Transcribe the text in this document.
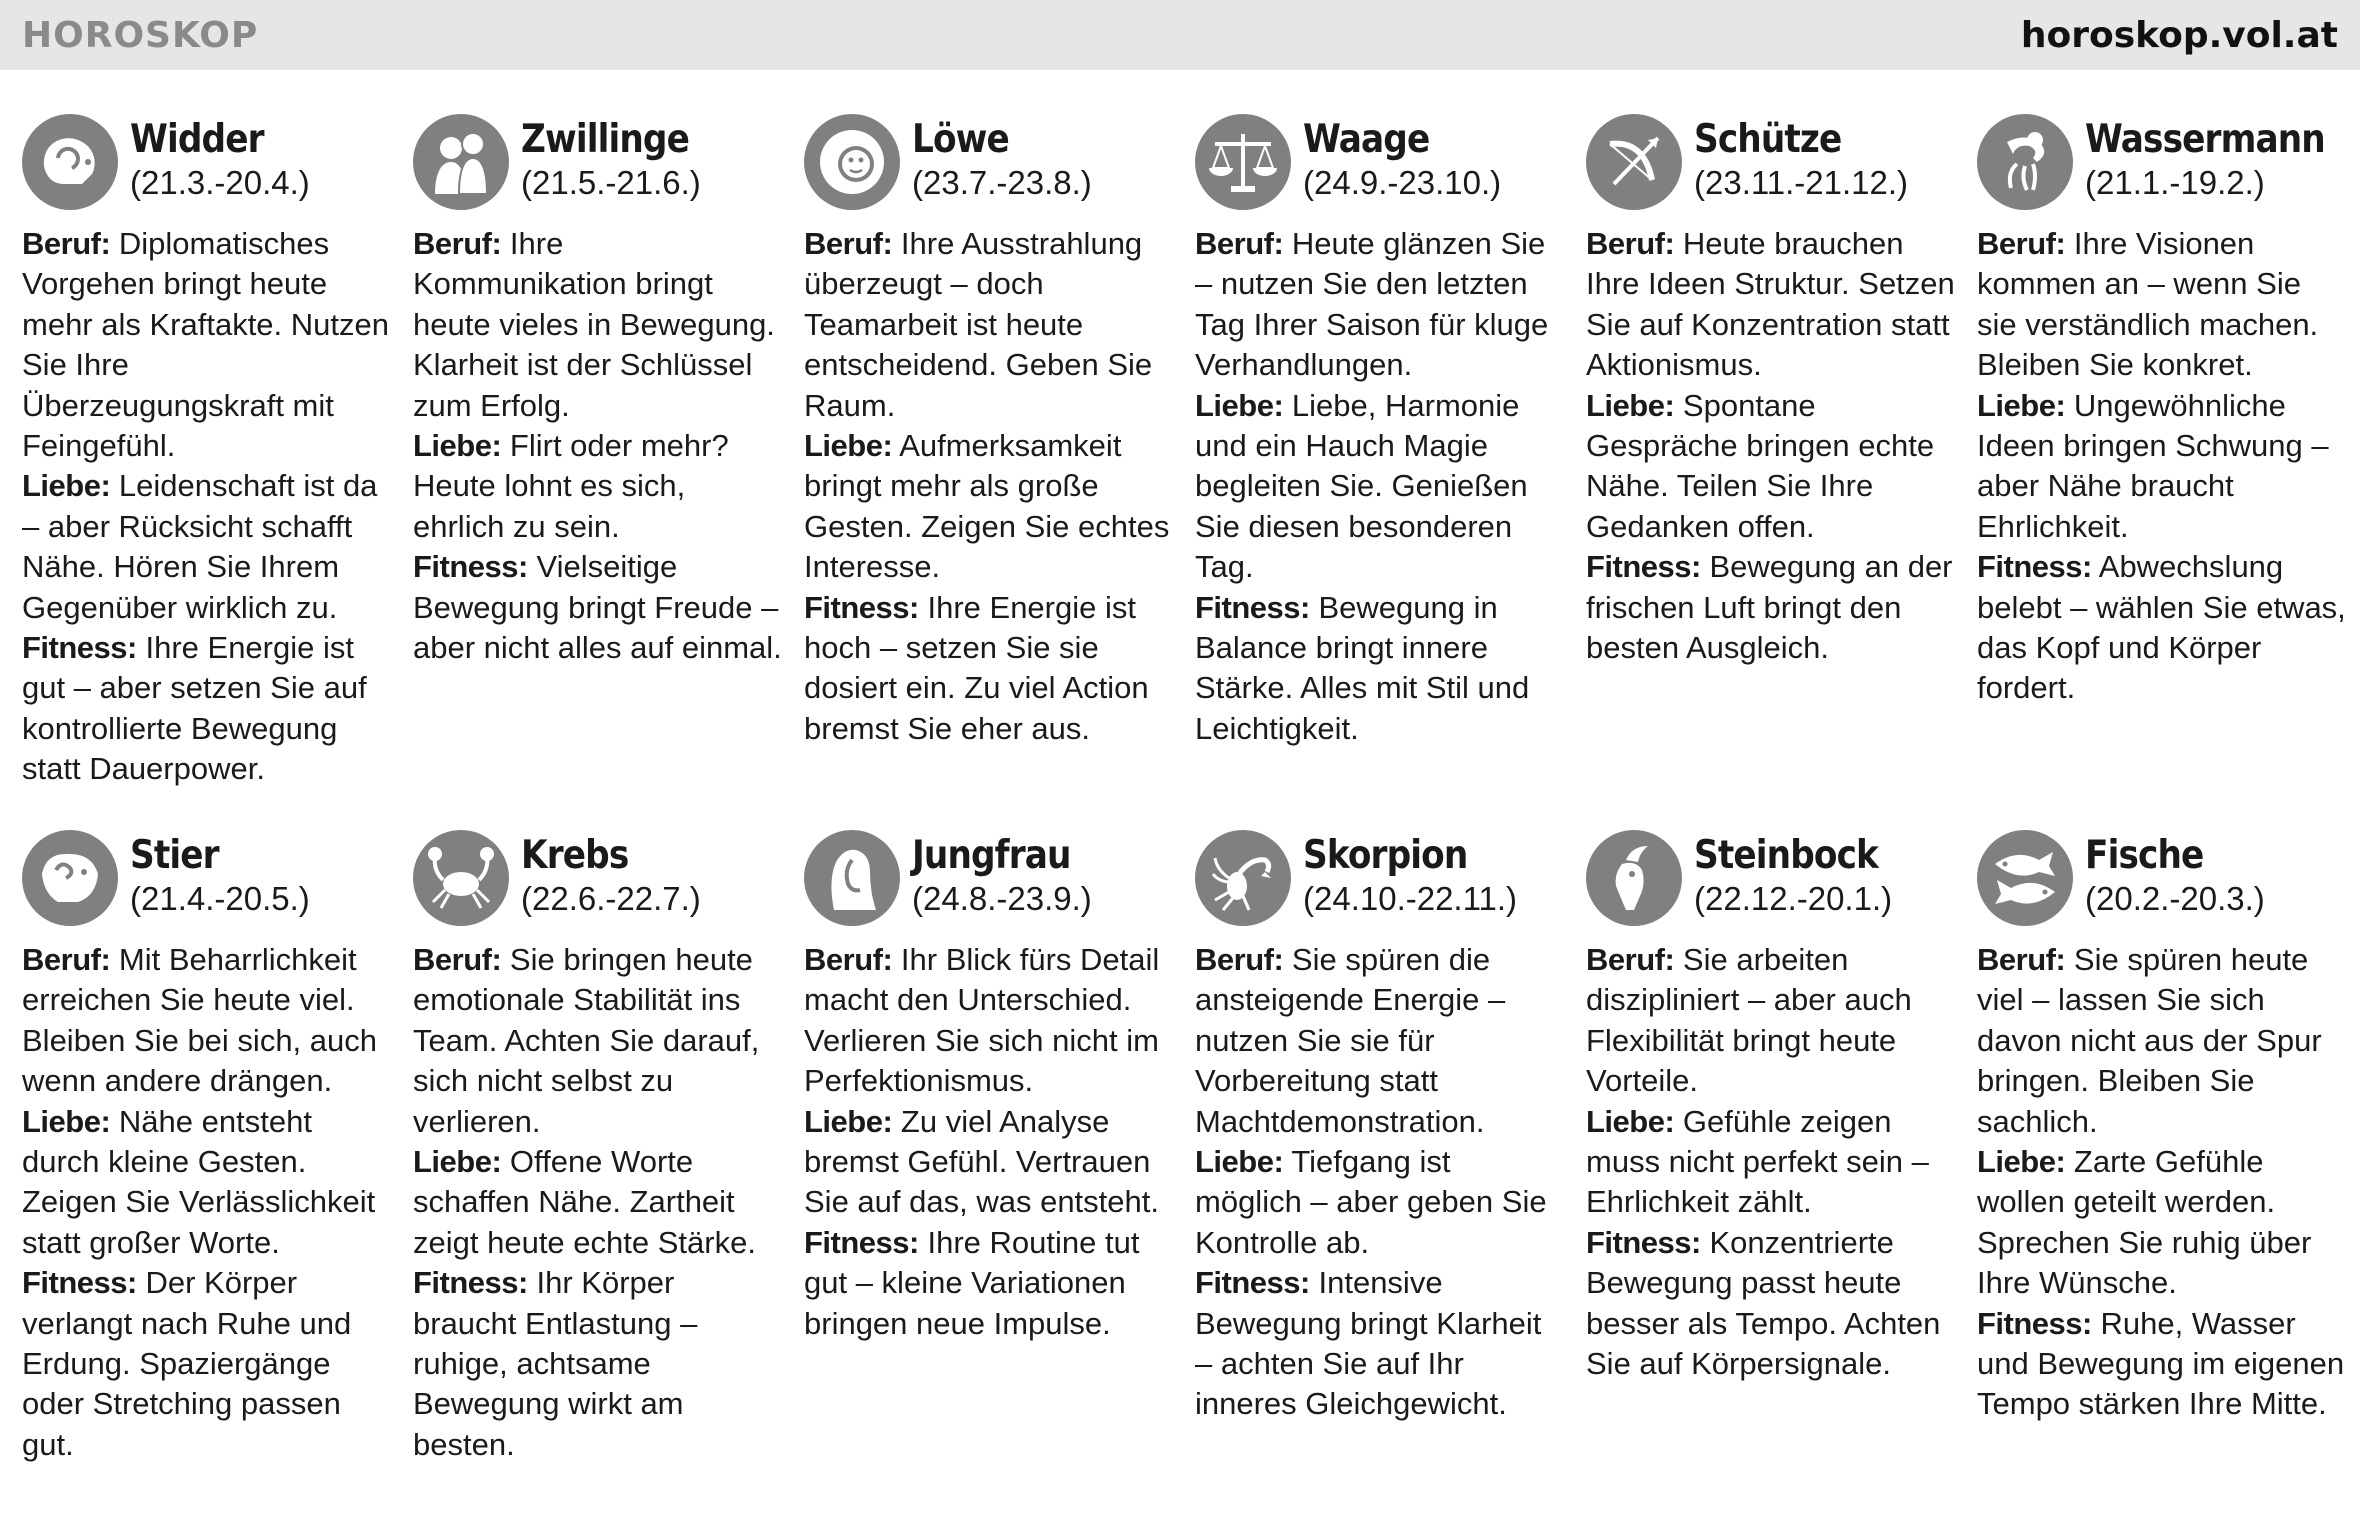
HOROSKOP	horoskop.vol.at
Widder
(21.3.-20.4.)

Beruf: Diplomatisches Vorgehen bringt heute mehr als Kraftakte. Nutzen Sie Ihre Überzeugungskraft mit Feingefühl.

Liebe: Leidenschaft ist da – aber Rücksicht schafft Nähe. Hören Sie Ihrem Gegenüber wirklich zu.

Fitness: Ihre Energie ist gut – aber setzen Sie auf kontrollierte Bewegung statt Dauerpower.

Zwillinge
(21.5.-21.6.)

Beruf: Ihre Kommunikation bringt heute vieles in Bewegung. Klarheit ist der Schlüssel zum Erfolg.

Liebe: Flirt oder mehr? Heute lohnt es sich, ehrlich zu sein.

Fitness: Vielseitige Bewegung bringt Freude – aber nicht alles auf einmal.

Löwe
(23.7.-23.8.)

Beruf: Ihre Ausstrahlung überzeugt – doch Teamarbeit ist heute entscheidend. Geben Sie Raum.

Liebe: Aufmerksamkeit bringt mehr als große Gesten. Zeigen Sie echtes Interesse.

Fitness: Ihre Energie ist hoch – setzen Sie sie dosiert ein. Zu viel Action bremst Sie eher aus.

Waage
(24.9.-23.10.)

Beruf: Heute glänzen Sie – nutzen Sie den letzten Tag Ihrer Saison für kluge Verhandlungen.

Liebe: Liebe, Harmonie und ein Hauch Magie begleiten Sie. Genießen Sie diesen besonderen Tag.

Fitness: Bewegung in Balance bringt innere Stärke. Alles mit Stil und Leichtigkeit.

Schütze
(23.11.-21.12.)

Beruf: Heute brauchen Ihre Ideen Struktur. Setzen Sie auf Konzentration statt Aktionismus.

Liebe: Spontane Gespräche bringen echte Nähe. Teilen Sie Ihre Gedanken offen.

Fitness: Bewegung an der frischen Luft bringt den besten Ausgleich.

Wassermann
(21.1.-19.2.)

Beruf: Ihre Visionen kommen an – wenn Sie sie verständlich machen. Bleiben Sie konkret.

Liebe: Ungewöhnliche Ideen bringen Schwung – aber Nähe braucht Ehrlichkeit.

Fitness: Abwechslung belebt – wählen Sie etwas, das Kopf und Körper fordert.

Stier
(21.4.-20.5.)

Beruf: Mit Beharrlichkeit erreichen Sie heute viel. Bleiben Sie bei sich, auch wenn andere drängen.

Liebe: Nähe entsteht durch kleine Gesten. Zeigen Sie Verlässlichkeit statt großer Worte.

Fitness: Der Körper verlangt nach Ruhe und Erdung. Spaziergänge oder Stretching passen gut.

Krebs
(22.6.-22.7.)

Beruf: Sie bringen heute emotionale Stabilität ins Team. Achten Sie darauf, sich nicht selbst zu verlieren.

Liebe: Offene Worte schaffen Nähe. Zartheit zeigt heute echte Stärke.

Fitness: Ihr Körper braucht Entlastung – ruhige, achtsame Bewegung wirkt am besten.

Jungfrau
(24.8.-23.9.)

Beruf: Ihr Blick fürs Detail macht den Unterschied. Verlieren Sie sich nicht im Perfektionismus.

Liebe: Zu viel Analyse bremst Gefühl. Vertrauen Sie auf das, was entsteht.

Fitness: Ihre Routine tut gut – kleine Variationen bringen neue Impulse.

Skorpion
(24.10.-22.11.)

Beruf: Sie spüren die ansteigende Energie – nutzen Sie sie für Vorbereitung statt Machtdemonstration.

Liebe: Tiefgang ist möglich – aber geben Sie Kontrolle ab.

Fitness: Intensive Bewegung bringt Klarheit – achten Sie auf Ihr inneres Gleichgewicht.

Steinbock
(22.12.-20.1.)

Beruf: Sie arbeiten diszipliniert – aber auch Flexibilität bringt heute Vorteile.

Liebe: Gefühle zeigen muss nicht perfekt sein – Ehrlichkeit zählt.

Fitness: Konzentrierte Bewegung passt heute besser als Tempo. Achten Sie auf Körpersignale.

Fische
(20.2.-20.3.)

Beruf: Sie spüren heute viel – lassen Sie sich davon nicht aus der Spur bringen. Bleiben Sie sachlich.

Liebe: Zarte Gefühle wollen geteilt werden. Sprechen Sie ruhig über Ihre Wünsche.

Fitness: Ruhe, Wasser und Bewegung im eigenen Tempo stärken Ihre Mitte.
